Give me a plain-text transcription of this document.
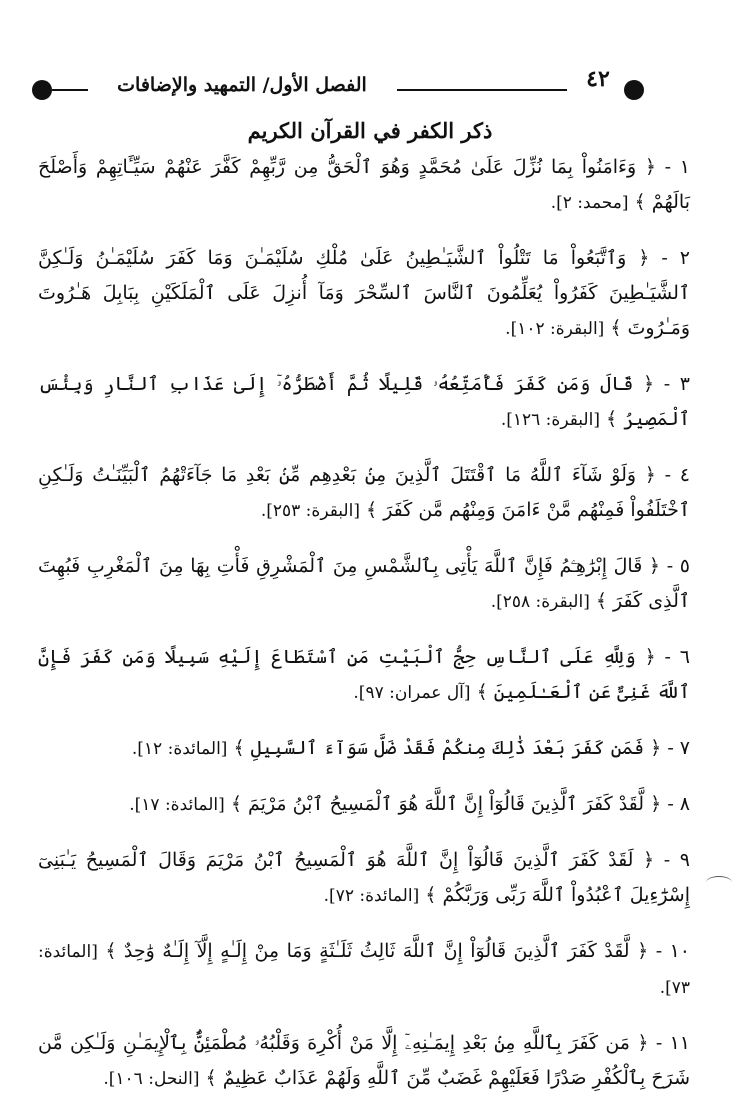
الفصل الأول/ التمهيد والإضافات	٤٢
ذكر الكفر في القرآن الكريم

١ - ﴿ وَءَامَنُواْ بِمَا نُزِّلَ عَلَىٰ مُحَمَّدٍ وَهُوَ ٱلْحَقُّ مِن رَّبِّهِمْ كَفَّرَ عَنْهُمْ سَيِّـَٔاتِهِمْ وَأَصْلَحَ بَالَهُمْ ﴾ [محمد: ٢].

٢ - ﴿ وَٱتَّبَعُواْ مَا تَتْلُواْ ٱلشَّيَـٰطِينُ عَلَىٰ مُلْكِ سُلَيْمَـٰنَ وَمَا كَفَرَ سُلَيْمَـٰنُ وَلَـٰكِنَّ ٱلشَّيَـٰطِينَ كَفَرُواْ يُعَلِّمُونَ ٱلنَّاسَ ٱلسِّحْرَ وَمَآ أُنزِلَ عَلَى ٱلْمَلَكَيْنِ بِبَابِلَ هَـٰرُوتَ وَمَـٰرُوتَ ﴾ [البقرة: ١٠٢].

٣ - ﴿ قَالَ وَمَن كَفَرَ فَأُمَتِّعُهُۥ قَلِيلًا ثُمَّ أَضْطَرُّهُۥٓ إِلَىٰ عَذَابِ ٱلنَّارِ وَبِئْسَ ٱلْمَصِيرُ ﴾ [البقرة: ١٢٦].

٤ - ﴿ وَلَوْ شَآءَ ٱللَّهُ مَا ٱقْتَتَلَ ٱلَّذِينَ مِنۢ بَعْدِهِم مِّنۢ بَعْدِ مَا جَآءَتْهُمُ ٱلْبَيِّنَـٰتُ وَلَـٰكِنِ ٱخْتَلَفُواْ فَمِنْهُم مَّنْ ءَامَنَ وَمِنْهُم مَّن كَفَرَ ﴾ [البقرة: ٢٥٣].

٥ - ﴿ قَالَ إِبْرَٰهِـۧمُ فَإِنَّ ٱللَّهَ يَأْتِى بِٱلشَّمْسِ مِنَ ٱلْمَشْرِقِ فَأْتِ بِهَا مِنَ ٱلْمَغْرِبِ فَبُهِتَ ٱلَّذِى كَفَرَ ﴾ [البقرة: ٢٥٨].

٦ - ﴿ وَلِلَّهِ عَلَى ٱلنَّاسِ حِجُّ ٱلْبَيْتِ مَنِ ٱسْتَطَاعَ إِلَيْهِ سَبِيلًا وَمَن كَفَرَ فَإِنَّ ٱللَّهَ غَنِىٌّ عَنِ ٱلْعَـٰلَمِينَ ﴾ [آل عمران: ٩٧].

٧ - ﴿ فَمَن كَفَرَ بَعْدَ ذَٰلِكَ مِنكُمْ فَقَدْ ضَلَّ سَوَآءَ ٱلسَّبِيلِ ﴾ [المائدة: ١٢].

٨ - ﴿ لَّقَدْ كَفَرَ ٱلَّذِينَ قَالُوٓاْ إِنَّ ٱللَّهَ هُوَ ٱلْمَسِيحُ ٱبْنُ مَرْيَمَ ﴾ [المائدة: ١٧].

٩ - ﴿ لَقَدْ كَفَرَ ٱلَّذِينَ قَالُوٓاْ إِنَّ ٱللَّهَ هُوَ ٱلْمَسِيحُ ٱبْنُ مَرْيَمَ وَقَالَ ٱلْمَسِيحُ يَـٰبَنِىٓ إِسْرَٰٓءِيلَ ٱعْبُدُواْ ٱللَّهَ رَبِّى وَرَبَّكُمْ ﴾ [المائدة: ٧٢].

١٠ - ﴿ لَّقَدْ كَفَرَ ٱلَّذِينَ قَالُوٓاْ إِنَّ ٱللَّهَ ثَالِثُ ثَلَـٰثَةٍ وَمَا مِنْ إِلَـٰهٍ إِلَّآ إِلَـٰهٌ وَٰحِدٌ ﴾ [المائدة: ٧٣].

١١ - ﴿ مَن كَفَرَ بِٱللَّهِ مِنۢ بَعْدِ إِيمَـٰنِهِۦٓ إِلَّا مَنْ أُكْرِهَ وَقَلْبُهُۥ مُطْمَئِنٌّۢ بِٱلْإِيمَـٰنِ وَلَـٰكِن مَّن شَرَحَ بِٱلْكُفْرِ صَدْرًا فَعَلَيْهِمْ غَضَبٌ مِّنَ ٱللَّهِ وَلَهُمْ عَذَابٌ عَظِيمٌ ﴾ [النحل: ١٠٦].
